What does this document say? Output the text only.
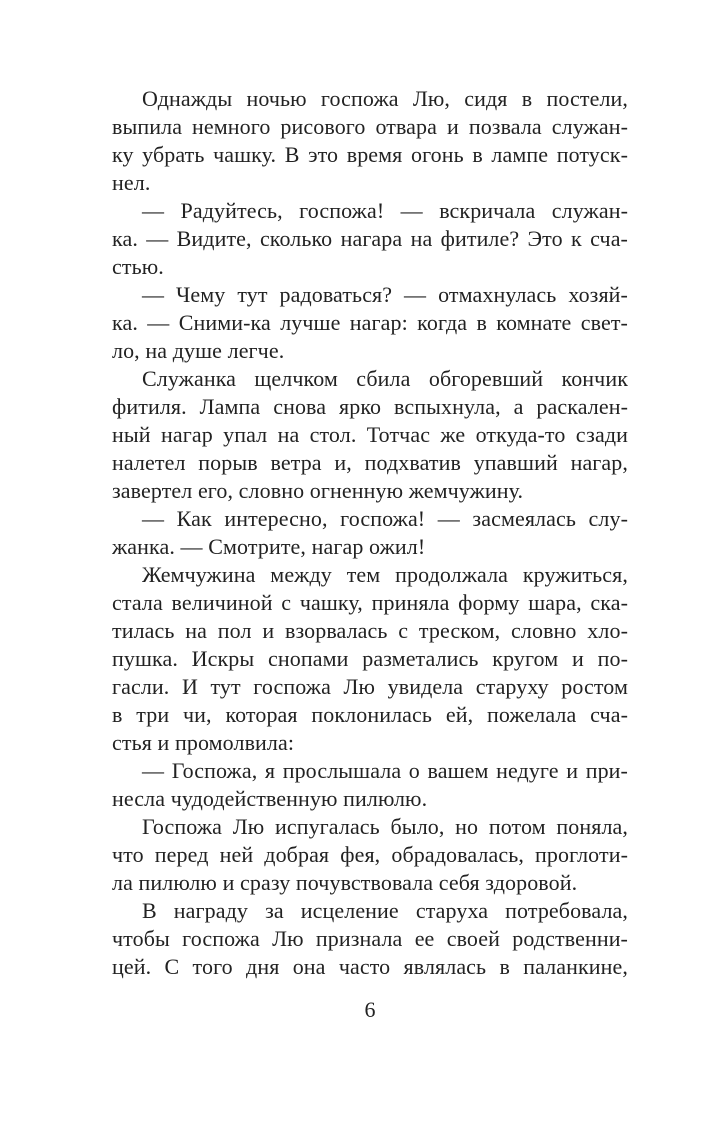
Однажды ночью госпожа Лю, сидя в постели,
выпила немного рисового отвара и позвала служан-
ку убрать чашку. В это время огонь в лампе потуск-
нел.
— Радуйтесь, госпожа! — вскричала служан-
ка. — Видите, сколько нагара на фитиле? Это к сча-
стью.
— Чему тут радоваться? — отмахнулась хозяй-
ка. — Сними-ка лучше нагар: когда в комнате свет-
ло, на душе легче.
Служанка щелчком сбила обгоревший кончик
фитиля. Лампа снова ярко вспыхнула, а раскален-
ный нагар упал на стол. Тотчас же откуда-то сзади
налетел порыв ветра и, подхватив упавший нагар,
завертел его, словно огненную жемчужину.
— Как интересно, госпожа! — засмеялась слу-
жанка. — Смотрите, нагар ожил!
Жемчужина между тем продолжала кружиться,
стала величиной с чашку, приняла форму шара, ска-
тилась на пол и взорвалась с треском, словно хло-
пушка. Искры снопами разметались кругом и по-
гасли. И тут госпожа Лю увидела старуху ростом
в три чи, которая поклонилась ей, пожелала сча-
стья и промолвила:
— Госпожа, я прослышала о вашем недуге и при-
несла чудодейственную пилюлю.
Госпожа Лю испугалась было, но потом поняла,
что перед ней добрая фея, обрадовалась, проглоти-
ла пилюлю и сразу почувствовала себя здоровой.
В награду за исцеление старуха потребовала,
чтобы госпожа Лю признала ее своей родственни-
цей. С того дня она часто являлась в паланкине,
6
